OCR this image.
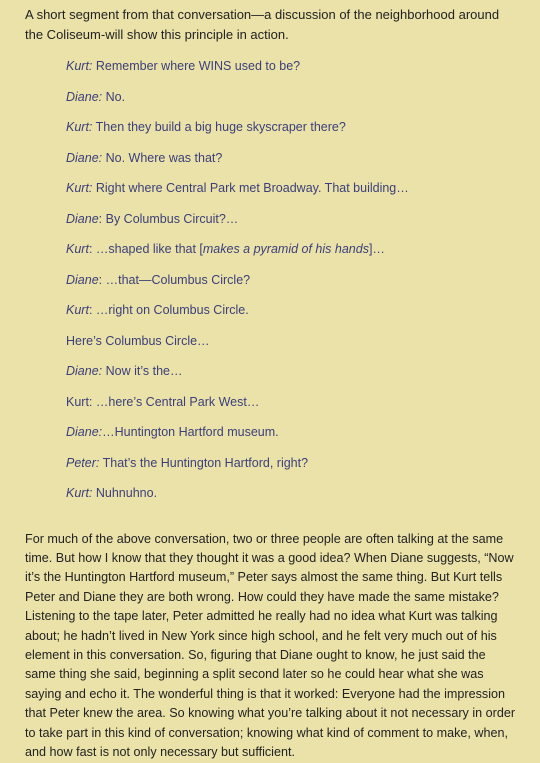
A short segment from that conversation—a discussion of the neighborhood around the Coliseum-will show this principle in action.

Kurt: Remember where WINS used to be?
Diane: No.
Kurt: Then they build a big huge skyscraper there?
Diane: No. Where was that?
Kurt: Right where Central Park met Broadway. That building…
Diane: By Columbus Circuit?…
Kurt: …shaped like that [makes a pyramid of his hands]…
Diane: …that—Columbus Circle?
Kurt: …right on Columbus Circle.
Here’s Columbus Circle…
Diane: Now it’s the…
Kurt: …here’s Central Park West…
Diane:…Huntington Hartford museum.
Peter: That’s the Huntington Hartford, right?
Kurt: Nuhnuhno.

For much of the above conversation, two or three people are often talking at the same time. But how I know that they thought it was a good idea? When Diane suggests, “Now it’s the Huntington Hartford museum,” Peter says almost the same thing. But Kurt tells Peter and Diane they are both wrong. How could they have made the same mistake? Listening to the tape later, Peter admitted he really had no idea what Kurt was talking about; he hadn’t lived in New York since high school, and he felt very much out of his element in this conversation. So, figuring that Diane ought to know, he just said the same thing she said, beginning a split second later so he could hear what she was saying and echo it. The wonderful thing is that it worked: Everyone had the impression that Peter knew the area. So knowing what you’re talking about it not necessary in order to take part in this kind of conversation; knowing what kind of comment to make, when, and how fast is not only necessary but sufficient.
